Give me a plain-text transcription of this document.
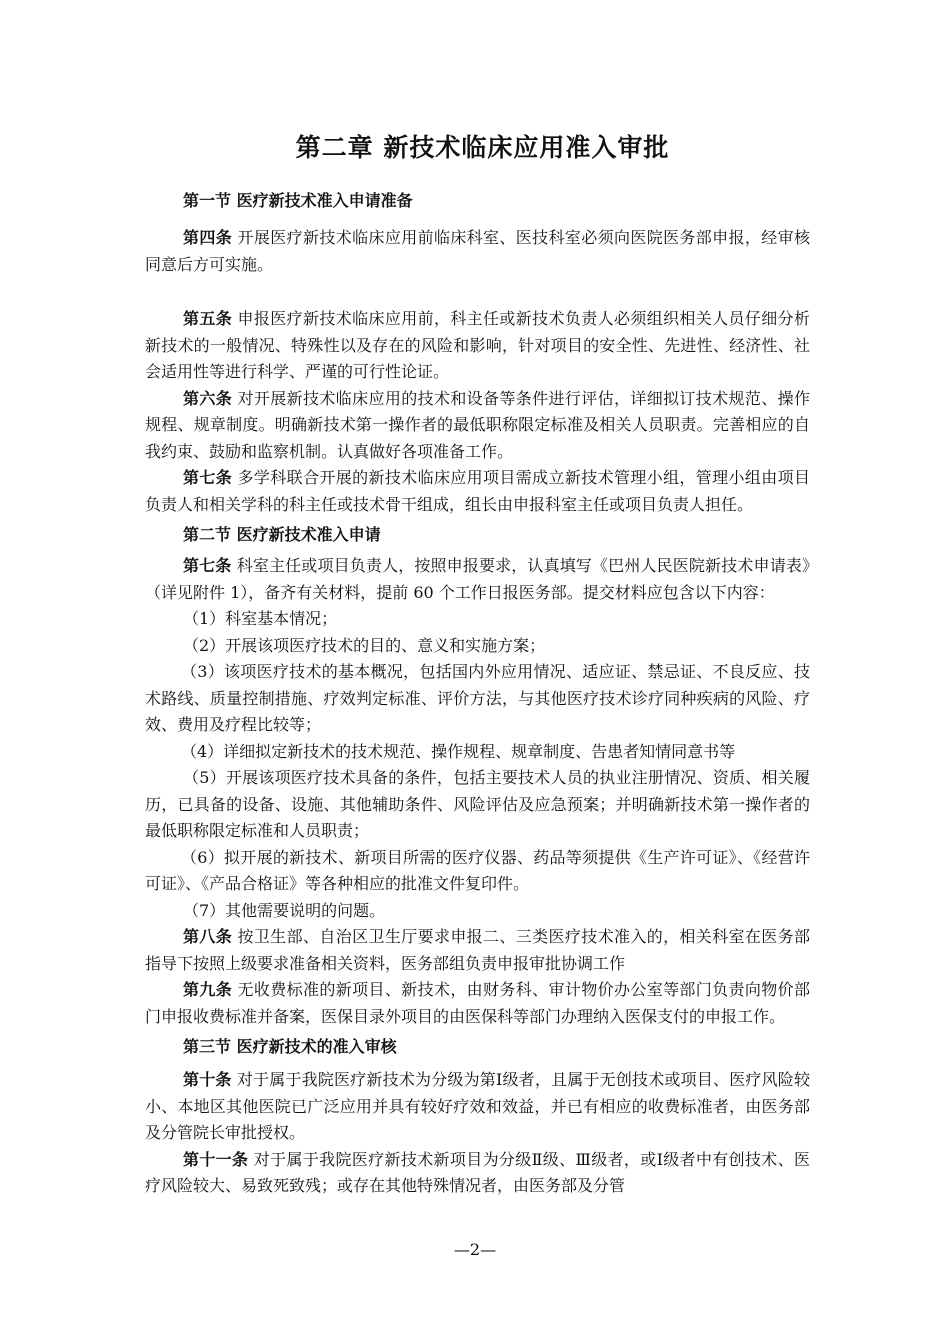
第二章 新技术临床应用准入审批

第一节 医疗新技术准入申请准备

第四条 开展医疗新技术临床应用前临床科室、医技科室必须向医院医务部申报，经审核同意后方可实施。

第五条 申报医疗新技术临床应用前，科主任或新技术负责人必须组织相关人员仔细分析新技术的一般情况、特殊性以及存在的风险和影响，针对项目的安全性、先进性、经济性、社会适用性等进行科学、严谨的可行性论证。

第六条 对开展新技术临床应用的技术和设备等条件进行评估，详细拟订技术规范、操作规程、规章制度。明确新技术第一操作者的最低职称限定标准及相关人员职责。完善相应的自我约束、鼓励和监察机制。认真做好各项准备工作。

第七条 多学科联合开展的新技术临床应用项目需成立新技术管理小组，管理小组由项目负责人和相关学科的科主任或技术骨干组成，组长由申报科室主任或项目负责人担任。

第二节 医疗新技术准入申请

第七条 科室主任或项目负责人，按照申报要求，认真填写《巴州人民医院新技术申请表》（详见附件 1），备齐有关材料，提前 60 个工作日报医务部。提交材料应包含以下内容：

（1）科室基本情况；

（2）开展该项医疗技术的目的、意义和实施方案；

（3）该项医疗技术的基本概况，包括国内外应用情况、适应证、禁忌证、不良反应、技术路线、质量控制措施、疗效判定标准、评价方法，与其他医疗技术诊疗同种疾病的风险、疗效、费用及疗程比较等；

（4）详细拟定新技术的技术规范、操作规程、规章制度、告患者知情同意书等

（5）开展该项医疗技术具备的条件，包括主要技术人员的执业注册情况、资质、相关履历，已具备的设备、设施、其他辅助条件、风险评估及应急预案；并明确新技术第一操作者的最低职称限定标准和人员职责；

（6）拟开展的新技术、新项目所需的医疗仪器、药品等须提供《生产许可证》、《经营许可证》、《产品合格证》等各种相应的批准文件复印件。

（7）其他需要说明的问题。

第八条 按卫生部、自治区卫生厅要求申报二、三类医疗技术准入的，相关科室在医务部指导下按照上级要求准备相关资料，医务部组负责申报审批协调工作

第九条 无收费标准的新项目、新技术，由财务科、审计物价办公室等部门负责向物价部门申报收费标准并备案，医保目录外项目的由医保科等部门办理纳入医保支付的申报工作。

第三节 医疗新技术的准入审核

第十条 对于属于我院医疗新技术为分级为第Ⅰ级者，且属于无创技术或项目、医疗风险较小、本地区其他医院已广泛应用并具有较好疗效和效益，并已有相应的收费标准者，由医务部及分管院长审批授权。

第十一条 对于属于我院医疗新技术新项目为分级Ⅱ级、Ⅲ级者，或Ⅰ级者中有创技术、医疗风险较大、易致死致残；或存在其他特殊情况者，由医务部及分管

—2—
